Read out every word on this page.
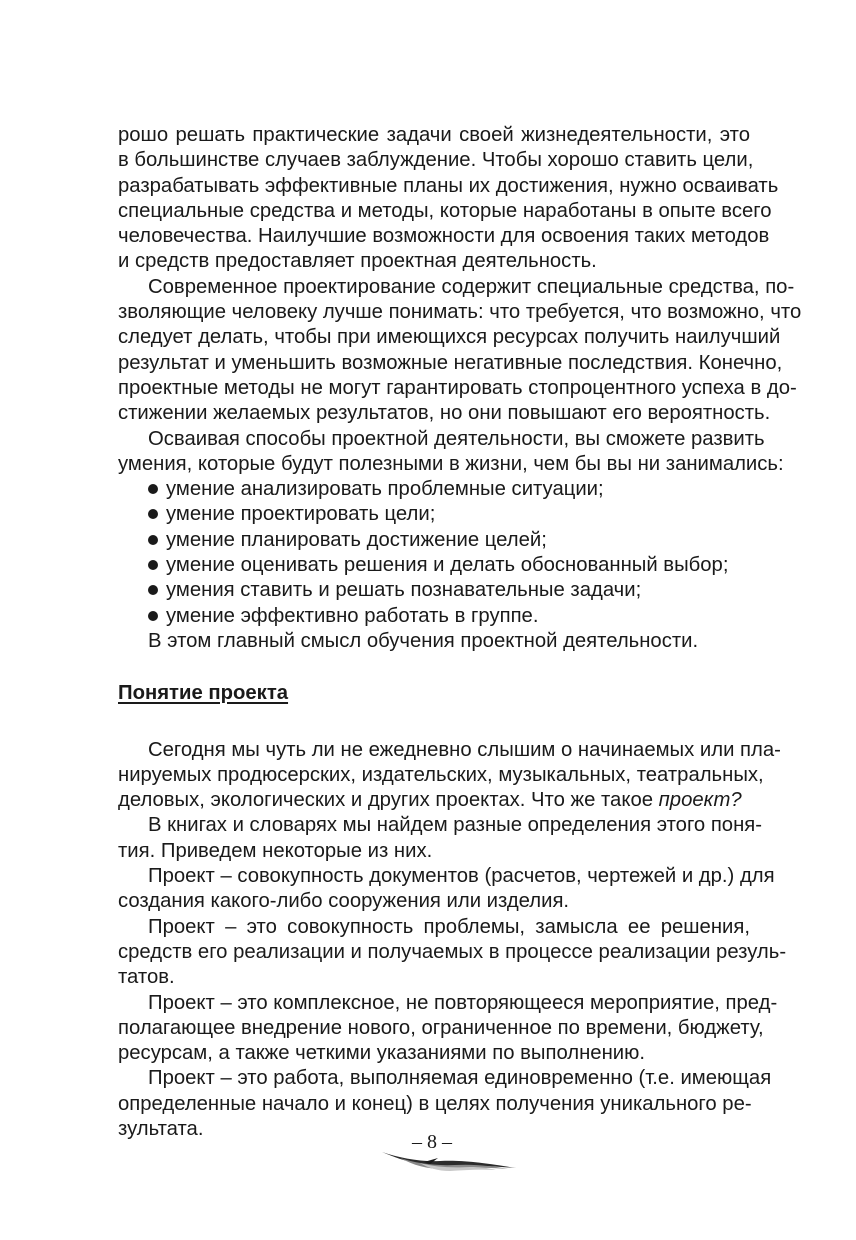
рошо решать практические задачи своей жизнедеятельности, это
в большинстве случаев заблуждение. Чтобы хорошо ставить цели,
разрабатывать эффективные планы их достижения, нужно осваивать
специальные средства и методы, которые наработаны в опыте всего
человечества. Наилучшие возможности для освоения таких методов
и средств предоставляет проектная деятельность.
Современное проектирование содержит специальные средства, по-
зволяющие человеку лучше понимать: что требуется, что возможно, что
следует делать, чтобы при имеющихся ресурсах получить наилучший
результат и уменьшить возможные негативные последствия. Конечно,
проектные методы не могут гарантировать стопроцентного успеха в до-
стижении желаемых результатов, но они повышают его вероятность.
Осваивая способы проектной деятельности, вы сможете развить
умения, которые будут полезными в жизни, чем бы вы ни занимались:
умение анализировать проблемные ситуации;
умение проектировать цели;
умение планировать достижение целей;
умение оценивать решения и делать обоснованный выбор;
умения ставить и решать познавательные задачи;
умение эффективно работать в группе.
В этом главный смысл обучения проектной деятельности.
Понятие проекта
Сегодня мы чуть ли не ежедневно слышим о начинаемых или пла-
нируемых продюсерских, издательских, музыкальных, театральных,
деловых, экологических и других проектах. Что же такое проект?
В книгах и словарях мы найдем разные определения этого поня-
тия. Приведем некоторые из них.
Проект – совокупность документов (расчетов, чертежей и др.) для
создания какого-либо сооружения или изделия.
Проект – это совокупность проблемы, замысла ее решения,
средств его реализации и получаемых в процессе реализации резуль-
татов.
Проект – это комплексное, не повторяющееся мероприятие, пред-
полагающее внедрение нового, ограниченное по времени, бюджету,
ресурсам, а также четкими указаниями по выполнению.
Проект – это работа, выполняемая единовременно (т.е. имеющая
определенные начало и конец) в целях получения уникального ре-
зультата.
– 8 –
